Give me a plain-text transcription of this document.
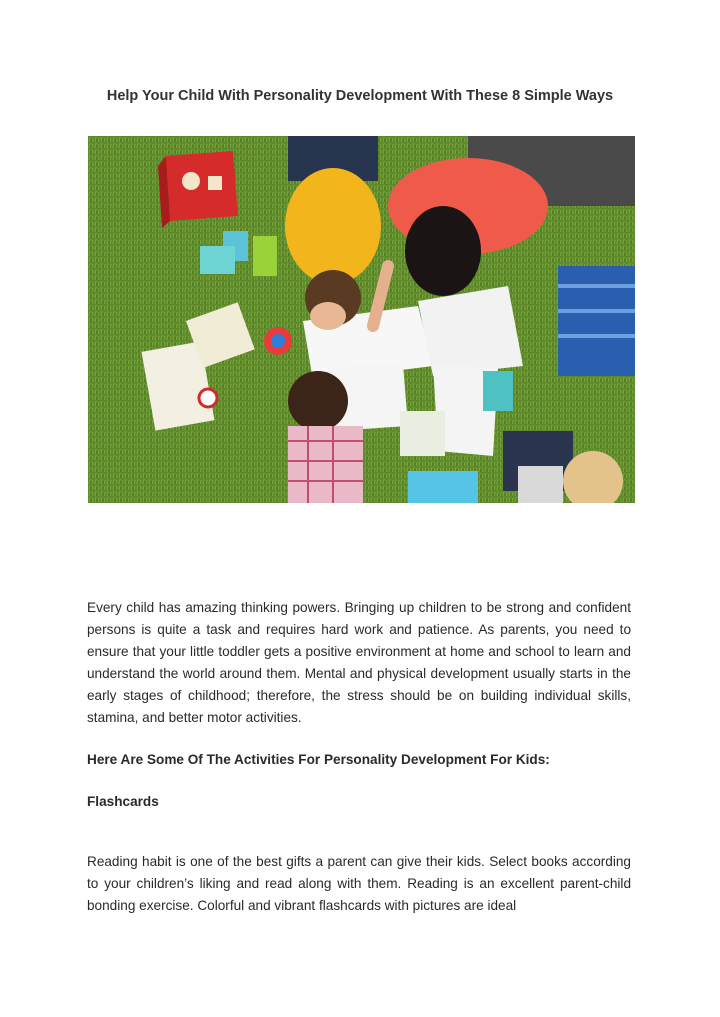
Help Your Child With Personality Development With These 8 Simple Ways
Every child has amazing thinking powers. Bringing up children to be strong and confident persons is quite a task and requires hard work and patience. As parents, you need to ensure that your little toddler gets a positive environment at home and school to learn and understand the world around them. Mental and physical development usually starts in the early stages of childhood; therefore, the stress should be on building individual skills, stamina, and better motor activities.
Here Are Some Of The Activities For Personality Development For Kids:
Flashcards
Reading habit is one of the best gifts a parent can give their kids. Select books according to your children’s liking and read along with them. Reading is an excellent parent-child bonding exercise. Colorful and vibrant flashcards with pictures are ideal
